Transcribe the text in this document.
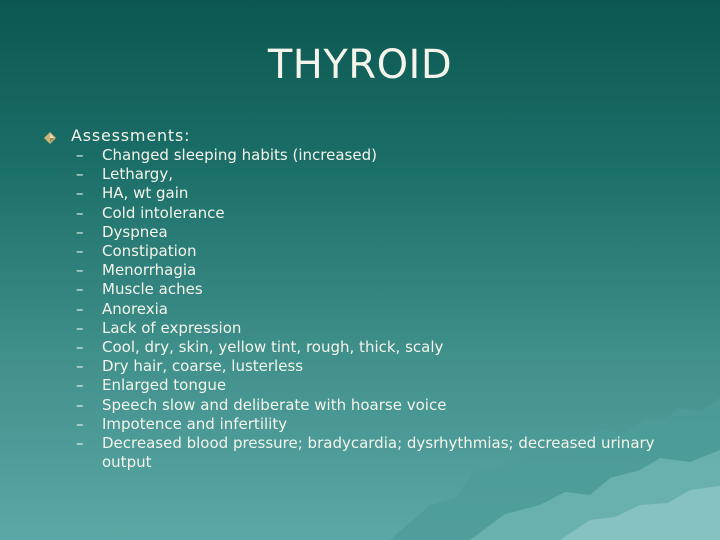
THYROID
Assessments:
–	Changed sleeping habits (increased)
–	Lethargy,
–	HA, wt gain
–	Cold intolerance
–	Dyspnea
–	Constipation
–	Menorrhagia
–	Muscle aches
–	Anorexia
–	Lack of expression
–	Cool, dry, skin, yellow tint, rough, thick, scaly
–	Dry hair, coarse, lusterless
–	Enlarged tongue
–	Speech slow and deliberate with hoarse voice
–	Impotence and infertility
–	Decreased blood pressure; bradycardia; dysrhythmias; decreased urinary output
